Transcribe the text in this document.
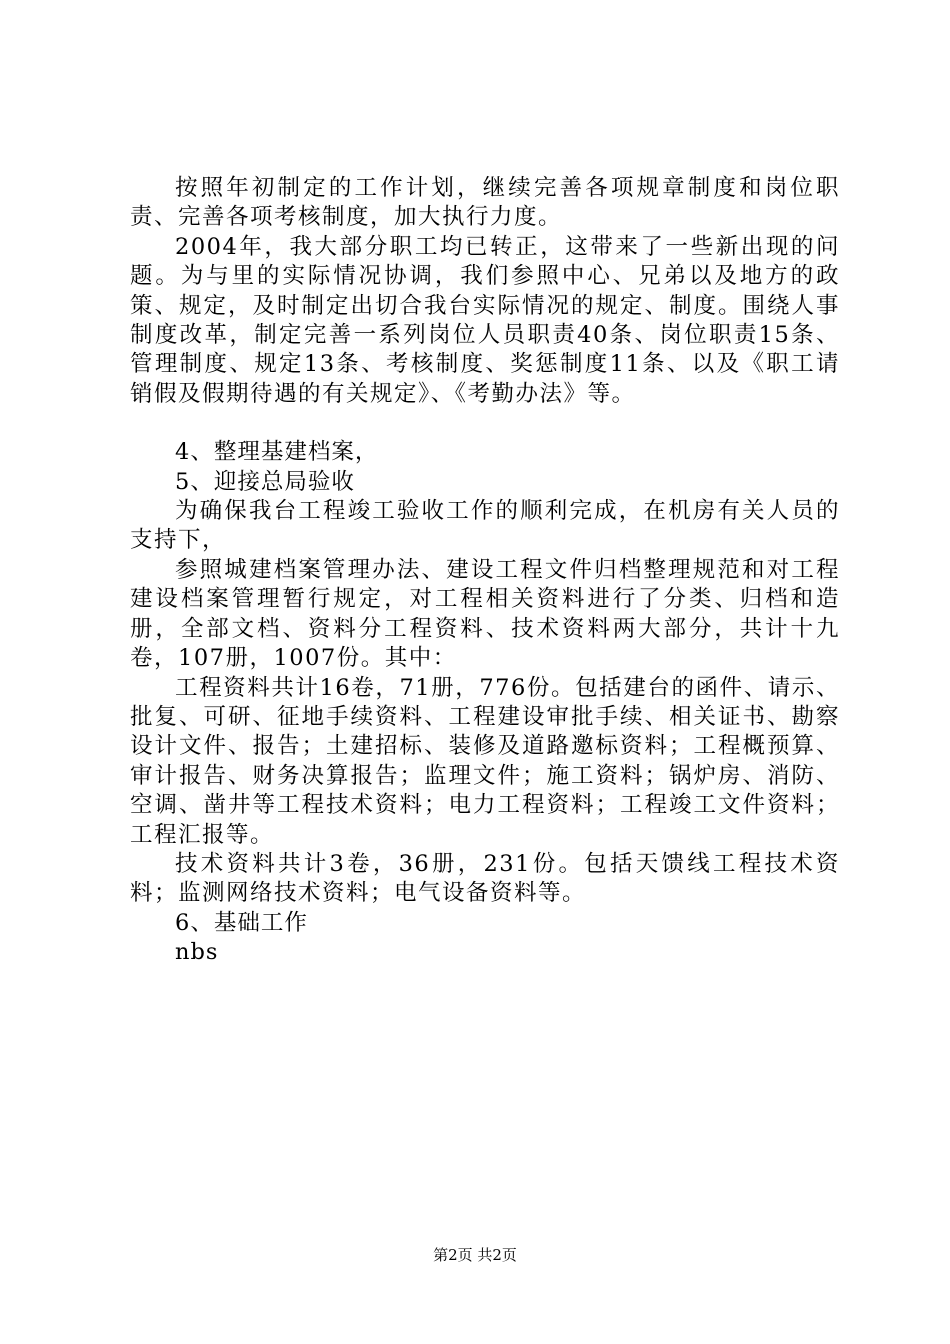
按照年初制定的工作计划，继续完善各项规章制度和岗位职责、完善各项考核制度，加大执行力度。

2004年，我大部分职工均已转正，这带来了一些新出现的问题。为与里的实际情况协调，我们参照中心、兄弟以及地方的政策、规定，及时制定出切合我台实际情况的规定、制度。围绕人事制度改革，制定完善一系列岗位人员职责40条、岗位职责15条、管理制度、规定13条、考核制度、奖惩制度11条、以及《职工请销假及假期待遇的有关规定》、《考勤办法》等。

4、整理基建档案，

5、迎接总局验收

为确保我台工程竣工验收工作的顺利完成，在机房有关人员的支持下，

参照城建档案管理办法、建设工程文件归档整理规范和对工程建设档案管理暂行规定，对工程相关资料进行了分类、归档和造册，全部文档、资料分工程资料、技术资料两大部分，共计十九卷，107册，1007份。其中：

工程资料共计16卷，71册，776份。包括建台的函件、请示、批复、可研、征地手续资料、工程建设审批手续、相关证书、勘察设计文件、报告；土建招标、装修及道路邀标资料；工程概预算、审计报告、财务决算报告；监理文件；施工资料；锅炉房、消防、空调、凿井等工程技术资料；电力工程资料；工程竣工文件资料；工程汇报等。

技术资料共计3卷，36册，231份。包括天馈线工程技术资料；监测网络技术资料；电气设备资料等。

6、基础工作

nbs

第2页 共2页
